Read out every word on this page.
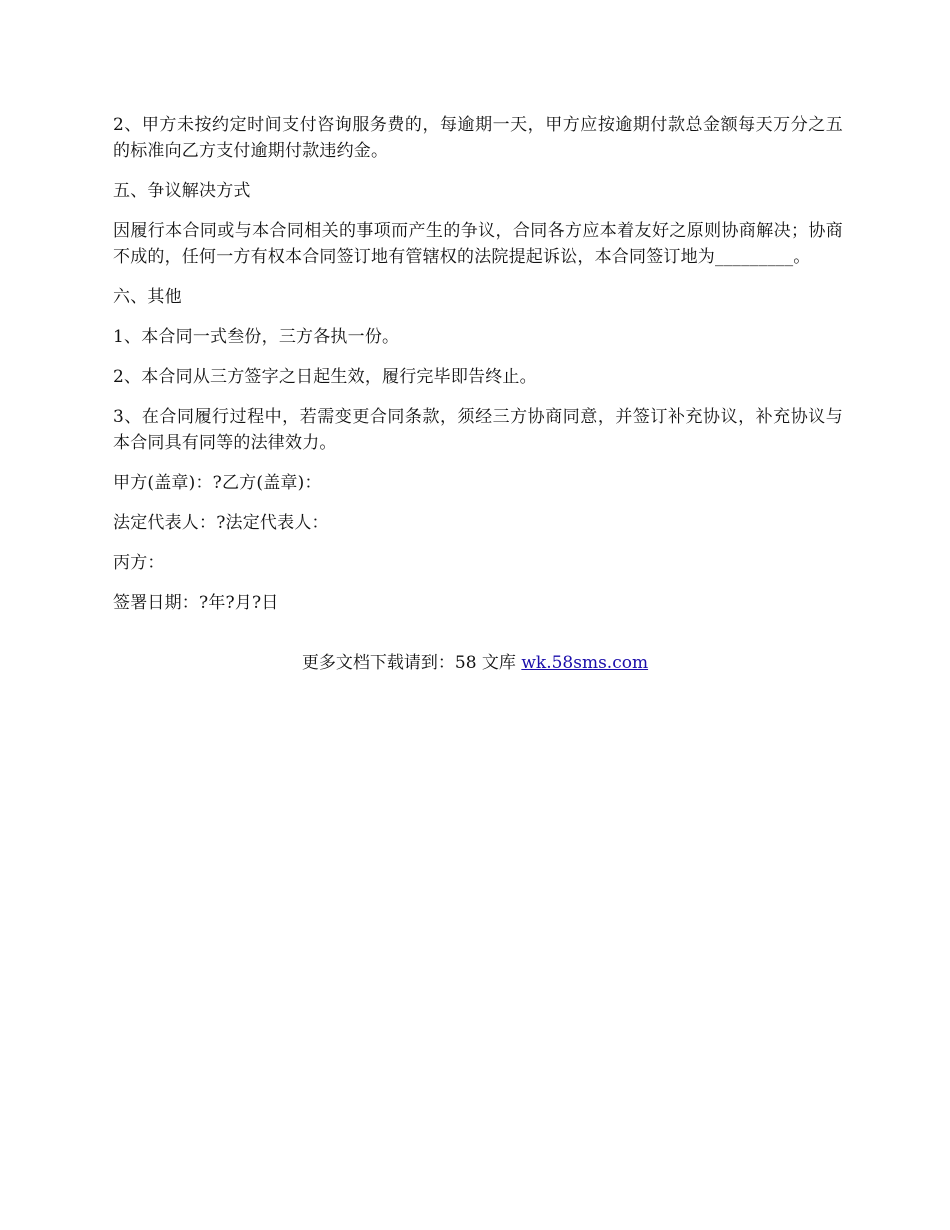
2、甲方未按约定时间支付咨询服务费的，每逾期一天，甲方应按逾期付款总金额每天万分之五的标准向乙方支付逾期付款违约金。

五、争议解决方式

因履行本合同或与本合同相关的事项而产生的争议，合同各方应本着友好之原则协商解决；协商不成的，任何一方有权本合同签订地有管辖权的法院提起诉讼，本合同签订地为_________。

六、其他

1、本合同一式叁份，三方各执一份。

2、本合同从三方签字之日起生效，履行完毕即告终止。

3、在合同履行过程中，若需变更合同条款，须经三方协商同意，并签订补充协议，补充协议与本合同具有同等的法律效力。

甲方(盖章)：?乙方(盖章)：

法定代表人：?法定代表人：

丙方：

签署日期：?年?月?日

更多文档下载请到：58 文库 wk.58sms.com
